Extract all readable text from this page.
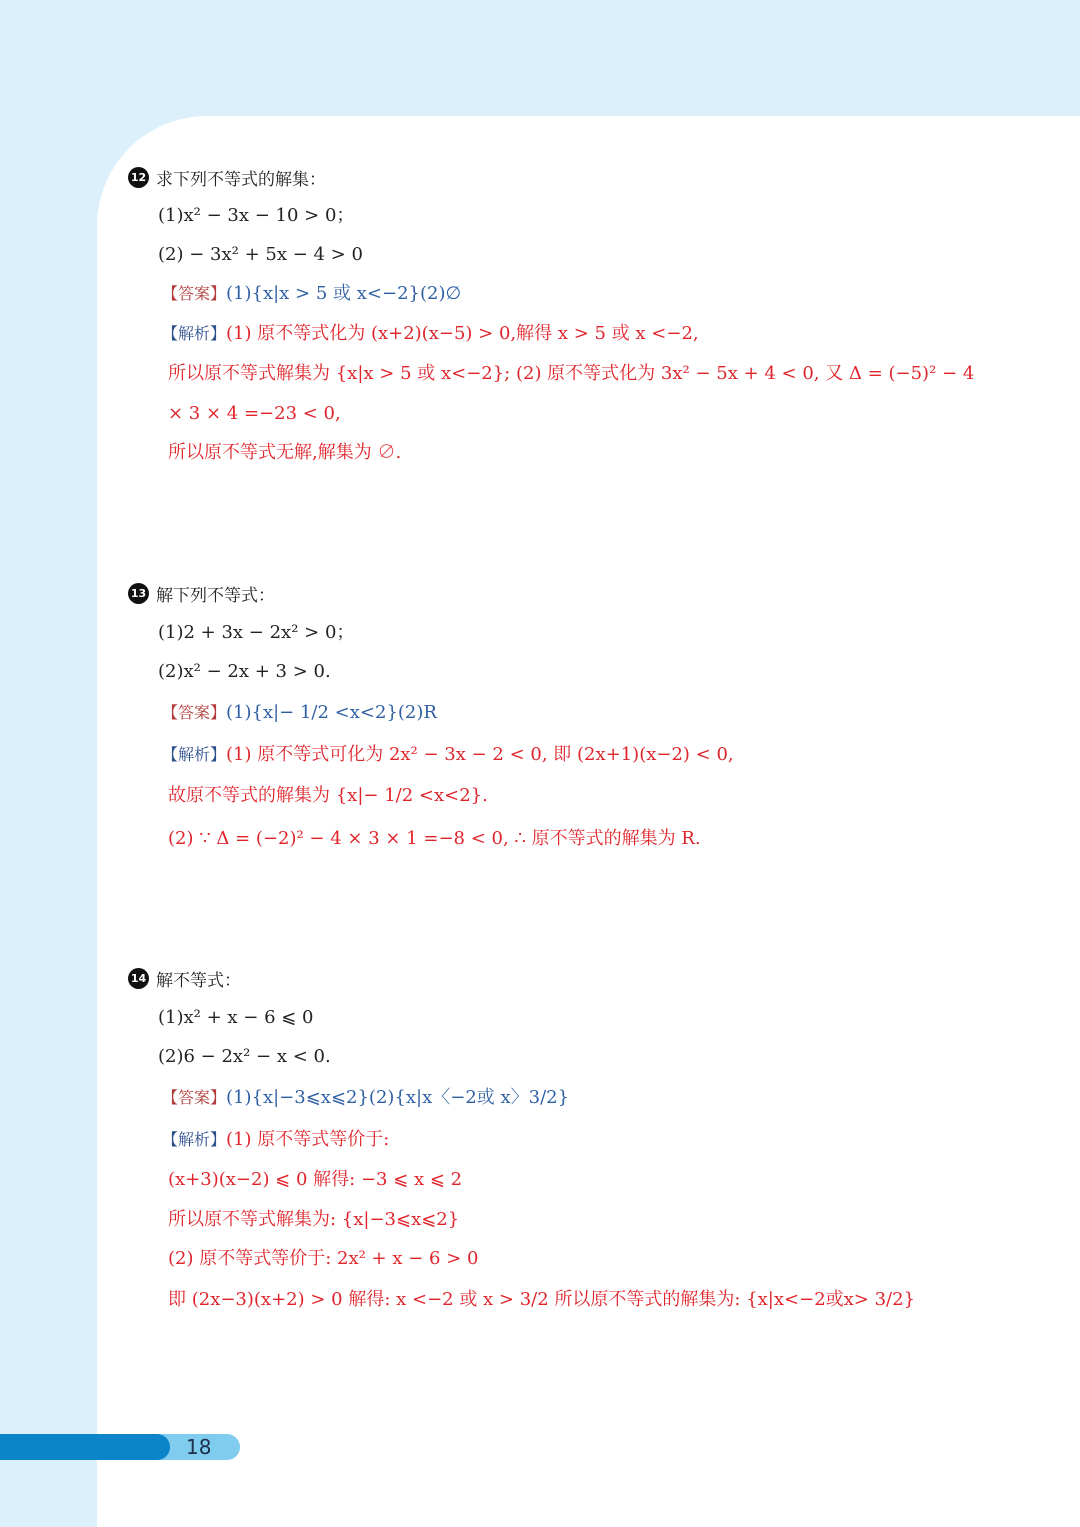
12 求下列不等式的解集：
(1)x² − 3x − 10 > 0；
(2) − 3x² + 5x − 4 > 0
【答案】(1){x|x > 5 或 x<−2}(2)∅
【解析】(1) 原不等式化为 (x+2)(x−5) > 0,解得 x > 5 或 x <−2,
所以原不等式解集为 {x|x > 5 或 x<−2}; (2) 原不等式化为 3x² − 5x + 4 < 0, 又 Δ = (−5)² − 4
× 3 × 4 =−23 < 0,
所以原不等式无解,解集为 ∅.
13 解下列不等式：
(1)2 + 3x − 2x² > 0；
(2)x² − 2x + 3 > 0.
【答案】(1){x|− 1/2 <x<2}(2)R
【解析】(1) 原不等式可化为 2x² − 3x − 2 < 0, 即 (2x+1)(x−2) < 0,
故原不等式的解集为 {x|− 1/2 <x<2}.
(2) ∵ Δ = (−2)² − 4 × 3 × 1 =−8 < 0, ∴ 原不等式的解集为 R.
14 解不等式：
(1)x² + x − 6 ⩽ 0
(2)6 − 2x² − x < 0.
【答案】(1){x|−3⩽x⩽2}(2){x|x〈−2或 x〉3/2}
【解析】(1) 原不等式等价于:
(x+3)(x−2) ⩽ 0 解得: −3 ⩽ x ⩽ 2
所以原不等式解集为: {x|−3⩽x⩽2}
(2) 原不等式等价于: 2x² + x − 6 > 0
即 (2x−3)(x+2) > 0 解得: x <−2 或 x > 3/2 所以原不等式的解集为: {x|x<−2或x> 3/2}
18
